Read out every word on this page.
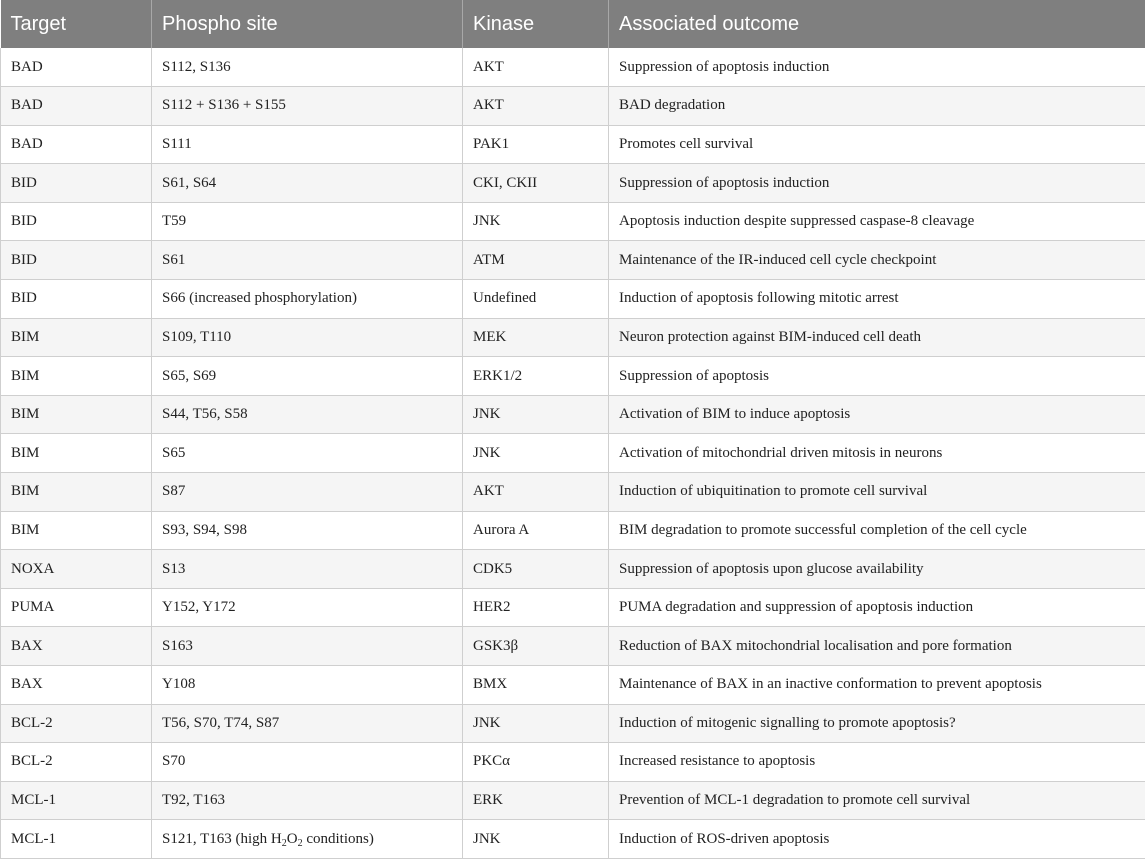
Target	Phospho site	Kinase	Associated outcome
BAD	S112, S136	AKT	Suppression of apoptosis induction
BAD	S112 + S136 + S155	AKT	BAD degradation
BAD	S111	PAK1	Promotes cell survival
BID	S61, S64	CKI, CKII	Suppression of apoptosis induction
BID	T59	JNK	Apoptosis induction despite suppressed caspase-8 cleavage
BID	S61	ATM	Maintenance of the IR-induced cell cycle checkpoint
BID	S66 (increased phosphorylation)	Undefined	Induction of apoptosis following mitotic arrest
BIM	S109, T110	MEK	Neuron protection against BIM-induced cell death
BIM	S65, S69	ERK1/2	Suppression of apoptosis
BIM	S44, T56, S58	JNK	Activation of BIM to induce apoptosis
BIM	S65	JNK	Activation of mitochondrial driven mitosis in neurons
BIM	S87	AKT	Induction of ubiquitination to promote cell survival
BIM	S93, S94, S98	Aurora A	BIM degradation to promote successful completion of the cell cycle
NOXA	S13	CDK5	Suppression of apoptosis upon glucose availability
PUMA	Y152, Y172	HER2	PUMA degradation and suppression of apoptosis induction
BAX	S163	GSK3β	Reduction of BAX mitochondrial localisation and pore formation
BAX	Y108	BMX	Maintenance of BAX in an inactive conformation to prevent apoptosis
BCL-2	T56, S70, T74, S87	JNK	Induction of mitogenic signalling to promote apoptosis?
BCL-2	S70	PKCα	Increased resistance to apoptosis
MCL-1	T92, T163	ERK	Prevention of MCL-1 degradation to promote cell survival
MCL-1	S121, T163 (high $H_2O_2$ conditions)	JNK	Induction of ROS-driven apoptosis
